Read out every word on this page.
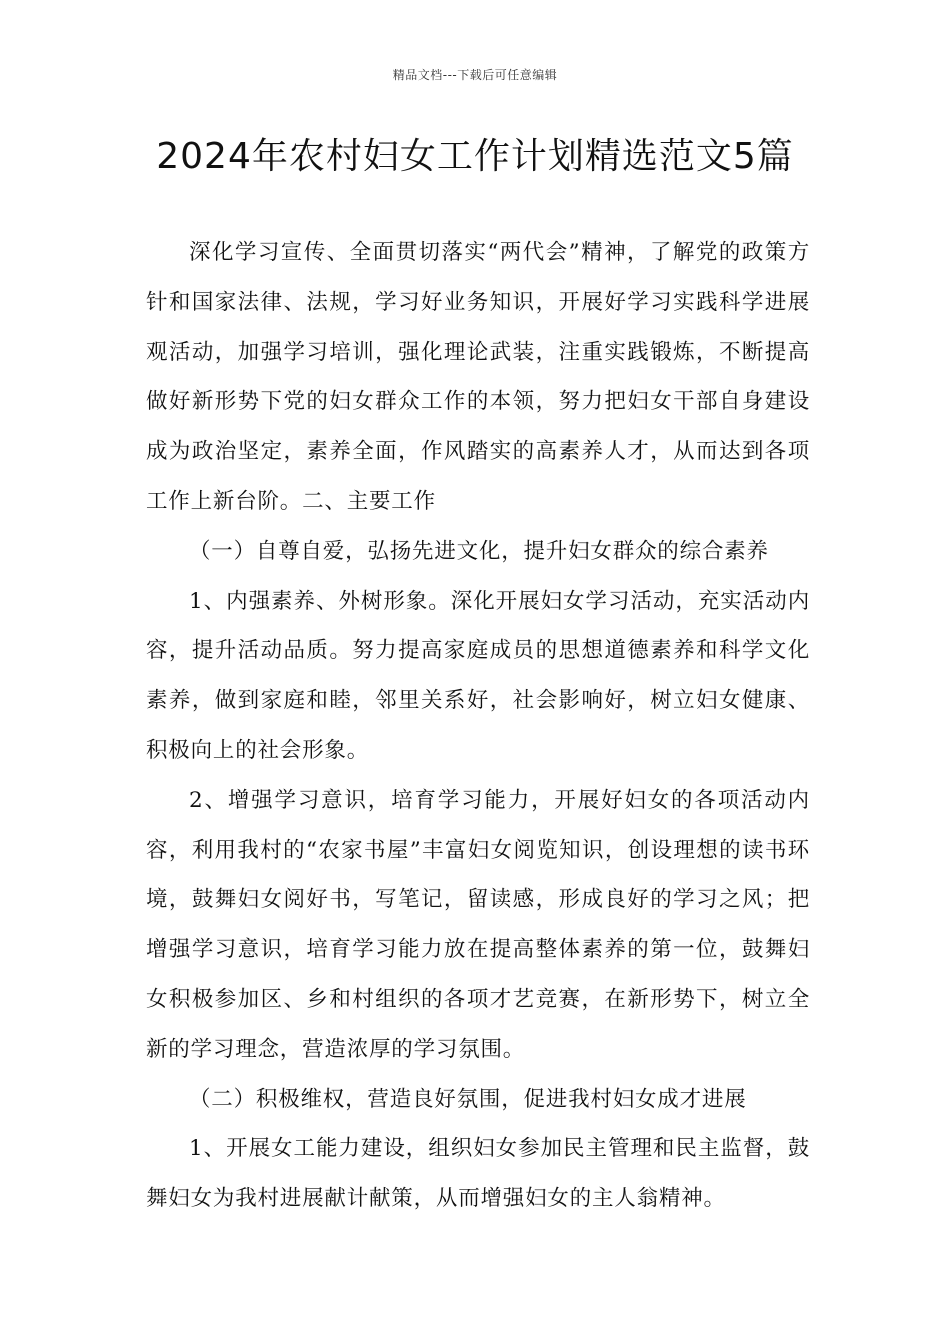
精品文档---下载后可任意编辑
2024年农村妇女工作计划精选范文5篇

深化学习宣传、全面贯切落实“两代会”精神，了解党的政策方针和国家法律、法规，学习好业务知识，开展好学习实践科学进展观活动，加强学习培训，强化理论武装，注重实践锻炼，不断提高做好新形势下党的妇女群众工作的本领，努力把妇女干部自身建设成为政治坚定，素养全面，作风踏实的高素养人才，从而达到各项工作上新台阶。二、主要工作

（一）自尊自爱，弘扬先进文化，提升妇女群众的综合素养

1、内强素养、外树形象。深化开展妇女学习活动，充实活动内容，提升活动品质。努力提高家庭成员的思想道德素养和科学文化素养，做到家庭和睦，邻里关系好，社会影响好，树立妇女健康、积极向上的社会形象。

2、增强学习意识，培育学习能力，开展好妇女的各项活动内容，利用我村的“农家书屋”丰富妇女阅览知识，创设理想的读书环境，鼓舞妇女阅好书，写笔记，留读感，形成良好的学习之风；把增强学习意识，培育学习能力放在提高整体素养的第一位，鼓舞妇女积极参加区、乡和村组织的各项才艺竞赛，在新形势下，树立全新的学习理念，营造浓厚的学习氛围。

（二）积极维权，营造良好氛围，促进我村妇女成才进展

1、开展女工能力建设，组织妇女参加民主管理和民主监督，鼓舞妇女为我村进展献计献策，从而增强妇女的主人翁精神。
